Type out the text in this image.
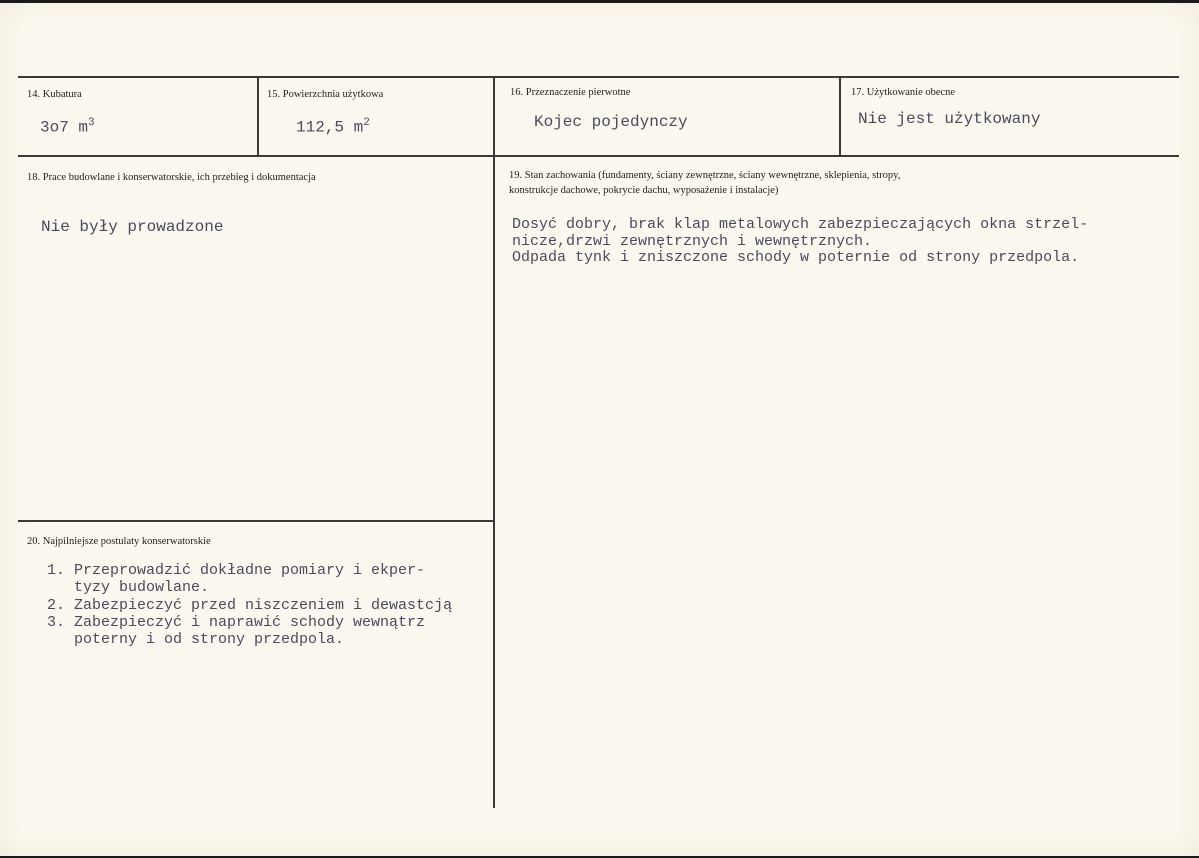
14. Kubatura
3o7 $m^3$
15. Powierzchnia użytkowa
112,5 $m^2$
16. Przeznaczenie pierwotne
Kojec pojedynczy
17. Użytkowanie obecne
Nie jest użytkowany
18. Prace budowlane i konserwatorskie, ich przebieg i dokumentacja
Nie były prowadzone
19. Stan zachowania (fundamenty, ściany zewnętrzne, ściany wewnętrzne, sklepienia, stropy,
konstrukcje dachowe, pokrycie dachu, wyposażenie i instalacje)
Dosyć dobry, brak klap metalowych zabezpieczających okna strzel-
nicze,drzwi zewnętrznych i wewnętrznych.
Odpada tynk i zniszczone schody w poternie od strony przedpola.
20. Najpilniejsze postulaty konserwatorskie
1. Przeprowadzić dokładne pomiary i ekper-
tyzy budowlane.
2. Zabezpieczyć przed niszczeniem i dewastcją
3. Zabezpieczyć i naprawić schody wewnątrz
poterny i od strony przedpola.
